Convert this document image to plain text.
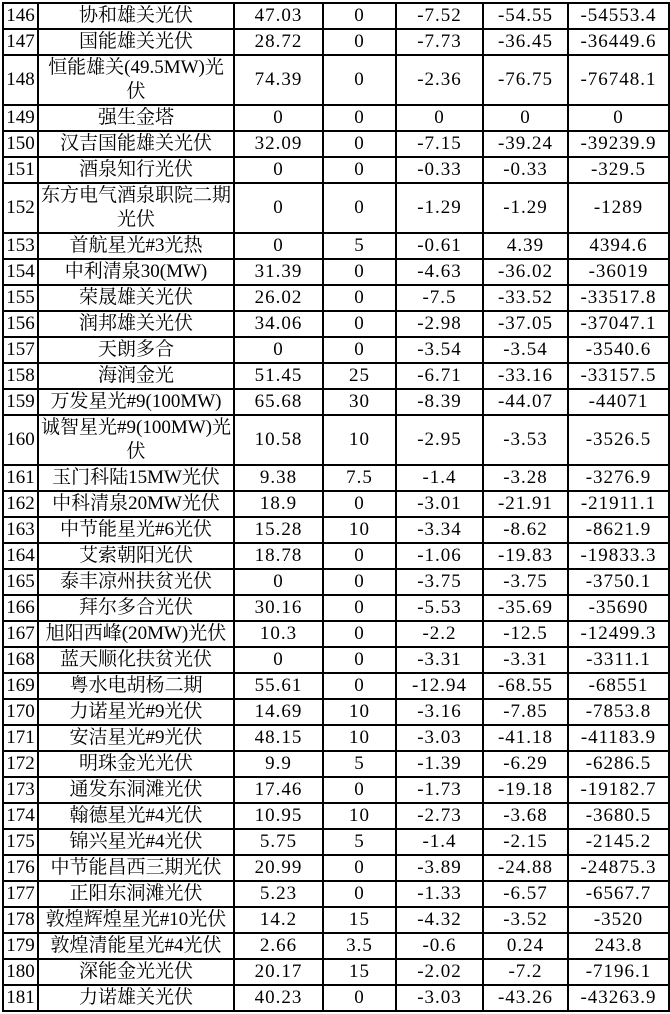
146	协和雄关光伏	47.03	0	-7.52	-54.55	-54553.4
147	国能雄关光伏	28.72	0	-7.73	-36.45	-36449.6
148	恒能雄关(49.5MW)光伏	74.39	0	-2.36	-76.75	-76748.1
149	强生金塔	0	0	0	0	0
150	汉吉国能雄关光伏	32.09	0	-7.15	-39.24	-39239.9
151	酒泉知行光伏	0	0	-0.33	-0.33	-329.5
152	东方电气酒泉职院二期光伏	0	0	-1.29	-1.29	-1289
153	首航星光#3光热	0	5	-0.61	4.39	4394.6
154	中利清泉30(MW)	31.39	0	-4.63	-36.02	-36019
155	荣晟雄关光伏	26.02	0	-7.5	-33.52	-33517.8
156	润邦雄关光伏	34.06	0	-2.98	-37.05	-37047.1
157	天朗多合	0	0	-3.54	-3.54	-3540.6
158	海润金光	51.45	25	-6.71	-33.16	-33157.5
159	万发星光#9(100MW)	65.68	30	-8.39	-44.07	-44071
160	诚智星光#9(100MW)光伏	10.58	10	-2.95	-3.53	-3526.5
161	玉门科陆15MW光伏	9.38	7.5	-1.4	-3.28	-3276.9
162	中科清泉20MW光伏	18.9	0	-3.01	-21.91	-21911.1
163	中节能星光#6光伏	15.28	10	-3.34	-8.62	-8621.9
164	艾索朝阳光伏	18.78	0	-1.06	-19.83	-19833.3
165	泰丰凉州扶贫光伏	0	0	-3.75	-3.75	-3750.1
166	拜尔多合光伏	30.16	0	-5.53	-35.69	-35690
167	旭阳西峰(20MW)光伏	10.3	0	-2.2	-12.5	-12499.3
168	蓝天顺化扶贫光伏	0	0	-3.31	-3.31	-3311.1
169	粤水电胡杨二期	55.61	0	-12.94	-68.55	-68551
170	力诺星光#9光伏	14.69	10	-3.16	-7.85	-7853.8
171	安洁星光#9光伏	48.15	10	-3.03	-41.18	-41183.9
172	明珠金光光伏	9.9	5	-1.39	-6.29	-6286.5
173	通发东洞滩光伏	17.46	0	-1.73	-19.18	-19182.7
174	翰德星光#4光伏	10.95	10	-2.73	-3.68	-3680.5
175	锦兴星光#4光伏	5.75	5	-1.4	-2.15	-2145.2
176	中节能昌西三期光伏	20.99	0	-3.89	-24.88	-24875.3
177	正阳东洞滩光伏	5.23	0	-1.33	-6.57	-6567.7
178	敦煌辉煌星光#10光伏	14.2	15	-4.32	-3.52	-3520
179	敦煌清能星光#4光伏	2.66	3.5	-0.6	0.24	243.8
180	深能金光光伏	20.17	15	-2.02	-7.2	-7196.1
181	力诺雄关光伏	40.23	0	-3.03	-43.26	-43263.9
